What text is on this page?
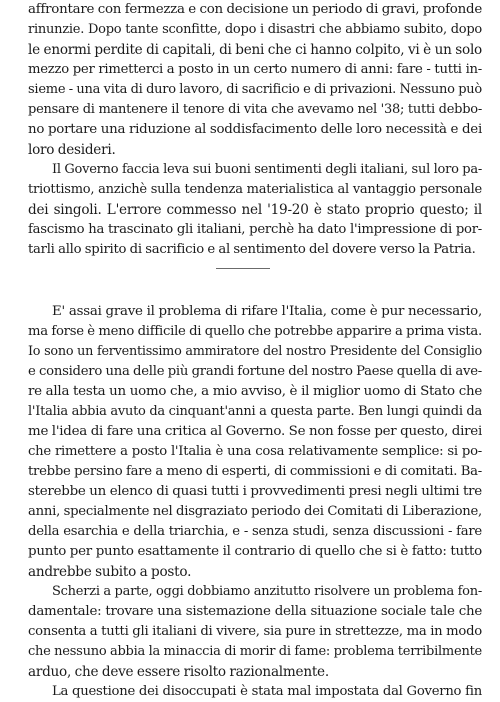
affrontare con fermezza e con decisione un periodo di gravi, profonde
rinunzie. Dopo tante sconfitte, dopo i disastri che abbiamo subito, dopo
le enormi perdite di capitali, di beni che ci hanno colpito, vi è un solo
mezzo per rimetterci a posto in un certo numero di anni: fare - tutti in-
sieme - una vita di duro lavoro, di sacrificio e di privazioni. Nessuno può
pensare di mantenere il tenore di vita che avevamo nel '38; tutti debbo-
no portare una riduzione al soddisfacimento delle loro necessità e dei
loro desideri.
Il Governo faccia leva sui buoni sentimenti degli italiani, sul loro pa-
triottismo, anzichè sulla tendenza materialistica al vantaggio personale
dei singoli. L'errore commesso nel '19-20 è stato proprio questo; il
fascismo ha trascinato gli italiani, perchè ha dato l'impressione di por-
tarli allo spirito di sacrificio e al sentimento del dovere verso la Patria.
E' assai grave il problema di rifare l'Italia, come è pur necessario,
ma forse è meno difficile di quello che potrebbe apparire a prima vista.
Io sono un ferventissimo ammiratore del nostro Presidente del Consiglio
e considero una delle più grandi fortune del nostro Paese quella di ave-
re alla testa un uomo che, a mio avviso, è il miglior uomo di Stato che
l'Italia abbia avuto da cinquant'anni a questa parte. Ben lungi quindi da
me l'idea di fare una critica al Governo. Se non fosse per questo, direi
che rimettere a posto l'Italia è una cosa relativamente semplice: si po-
trebbe persino fare a meno di esperti, di commissioni e di comitati. Ba-
sterebbe un elenco di quasi tutti i provvedimenti presi negli ultimi tre
anni, specialmente nel disgraziato periodo dei Comitati di Liberazione,
della esarchia e della triarchia, e - senza studi, senza discussioni - fare
punto per punto esattamente il contrario di quello che si è fatto: tutto
andrebbe subito a posto.
Scherzi a parte, oggi dobbiamo anzitutto risolvere un problema fon-
damentale: trovare una sistemazione della situazione sociale tale che
consenta a tutti gli italiani di vivere, sia pure in strettezze, ma in modo
che nessuno abbia la minaccia di morir di fame: problema terribilmente
arduo, che deve essere risolto razionalmente.
La questione dei disoccupati è stata mal impostata dal Governo fin
